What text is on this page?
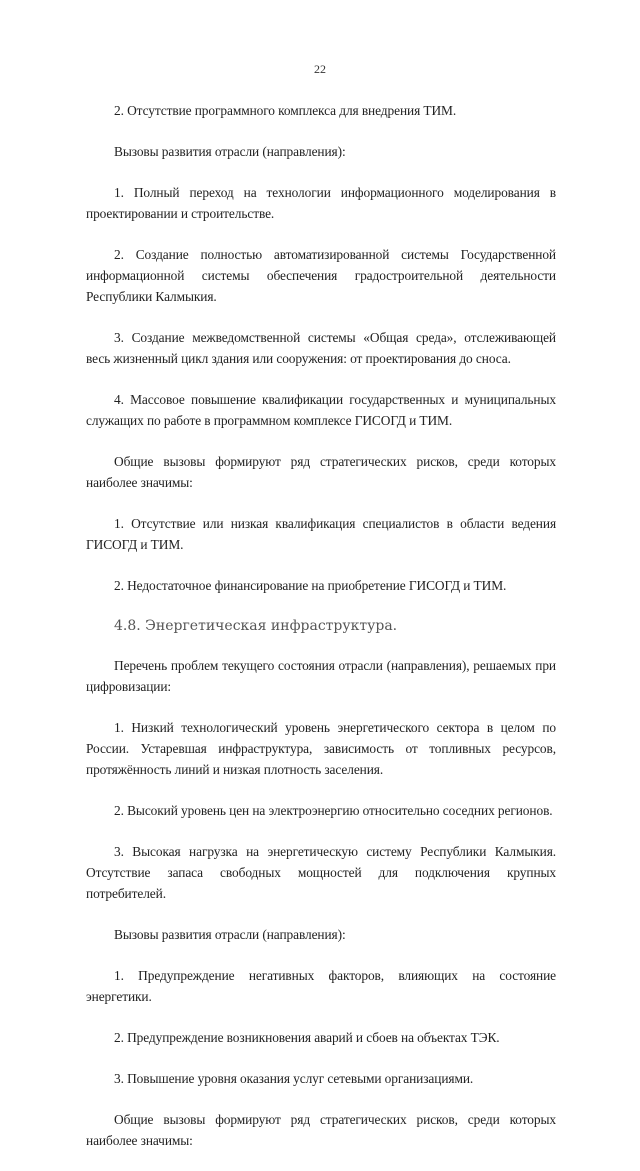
22

2. Отсутствие программного комплекса для внедрения ТИМ.

Вызовы развития отрасли (направления):

1. Полный переход на технологии информационного моделирования в проектировании и строительстве.

2. Создание полностью автоматизированной системы Государственной информационной системы обеспечения градостроительной деятельности Республики Калмыкия.

3. Создание межведомственной системы «Общая среда», отслеживающей весь жизненный цикл здания или сооружения: от проектирования до сноса.

4. Массовое повышение квалификации государственных и муниципальных служащих по работе в программном комплексе ГИСОГД и ТИМ.

Общие вызовы формируют ряд стратегических рисков, среди которых наиболее значимы:

1. Отсутствие или низкая квалификация специалистов в области ведения ГИСОГД и ТИМ.

2. Недостаточное финансирование на приобретение ГИСОГД и ТИМ.

4.8. Энергетическая инфраструктура.

Перечень проблем текущего состояния отрасли (направления), решаемых при цифровизации:

1. Низкий технологический уровень энергетического сектора в целом по России. Устаревшая инфраструктура, зависимость от топливных ресурсов, протяжённость линий и низкая плотность заселения.

2. Высокий уровень цен на электроэнергию относительно соседних регионов.

3. Высокая нагрузка на энергетическую систему Республики Калмыкия. Отсутствие запаса свободных мощностей для подключения крупных потребителей.

Вызовы развития отрасли (направления):

1. Предупреждение негативных факторов, влияющих на состояние энергетики.

2. Предупреждение возникновения аварий и сбоев на объектах ТЭК.

3. Повышение уровня оказания услуг сетевыми организациями.

Общие вызовы формируют ряд стратегических рисков, среди которых наиболее значимы:
